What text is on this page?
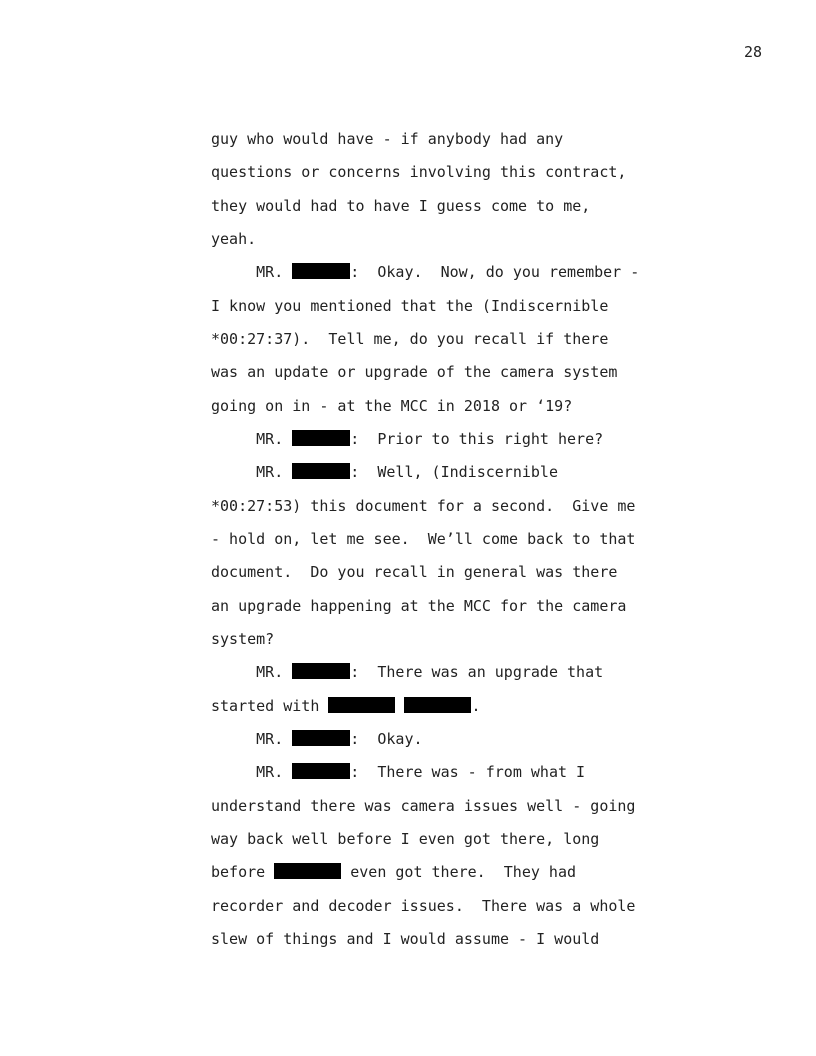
28

guy who would have - if anybody had any

questions or concerns involving this contract,

they would had to have I guess come to me,

yeah.

MR.	:  Okay.  Now, do you remember -

I know you mentioned that the (Indiscernible

*00:27:37).  Tell me, do you recall if there

was an update or upgrade of the camera system

going on in - at the MCC in 2018 or ‘19?

MR.	:  Prior to this right here?

MR.	:  Well, (Indiscernible

*00:27:53) this document for a second.  Give me

- hold on, let me see.  We’ll come back to that

document.  Do you recall in general was there

an upgrade happening at the MCC for the camera

system?

MR.	:  There was an upgrade that

started with	.

MR.	:  Okay.

MR.	:  There was - from what I

understand there was camera issues well - going

way back well before I even got there, long

before	even got there.  They had

recorder and decoder issues.  There was a whole

slew of things and I would assume - I would
